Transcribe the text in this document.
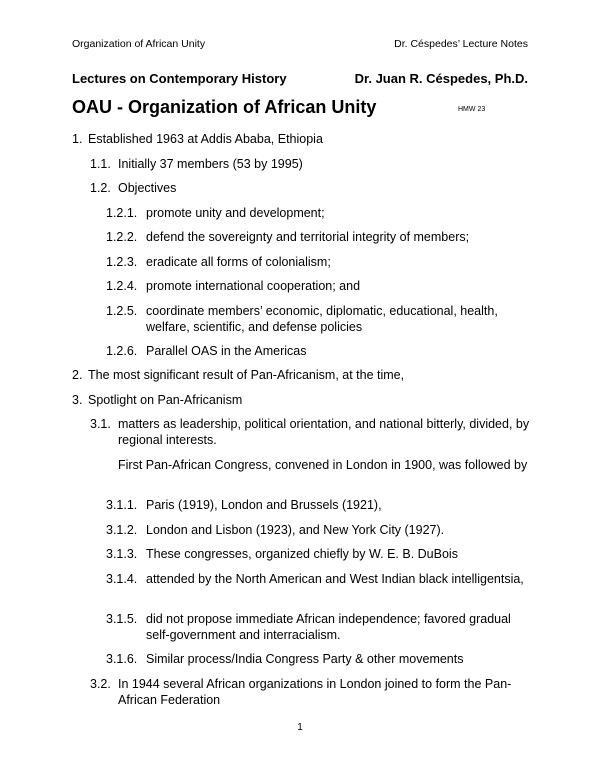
Organization of African Unity	Dr. Céspedes’ Lecture Notes
Lectures on Contemporary History	Dr. Juan R. Céspedes, Ph.D.
OAU - Organization of African Unity	HMW 23
1. Established 1963 at Addis Ababa, Ethiopia
1.1. Initially 37 members (53 by 1995)
1.2. Objectives
1.2.1. promote unity and development;
1.2.2. defend the sovereignty and territorial integrity of members;
1.2.3. eradicate all forms of colonialism;
1.2.4. promote international cooperation; and
1.2.5. coordinate members’ economic, diplomatic, educational, health, welfare, scientific, and defense policies
1.2.6. Parallel OAS in the Americas
2. The most significant result of Pan-Africanism, at the time,
3. Spotlight on Pan-Africanism
3.1. matters as leadership, political orientation, and national bitterly, divided, by regional interests.
First Pan-African Congress, convened in London in 1900, was followed by
3.1.1. Paris (1919), London and Brussels (1921),
3.1.2. London and Lisbon (1923), and New York City (1927).
3.1.3. These congresses, organized chiefly by W. E. B. DuBois
3.1.4. attended by the North American and West Indian black intelligentsia,
3.1.5. did not propose immediate African independence; favored gradual self-government and interracialism.
3.1.6. Similar process/India Congress Party & other movements
3.2. In 1944 several African organizations in London joined to form the Pan-African Federation
1
